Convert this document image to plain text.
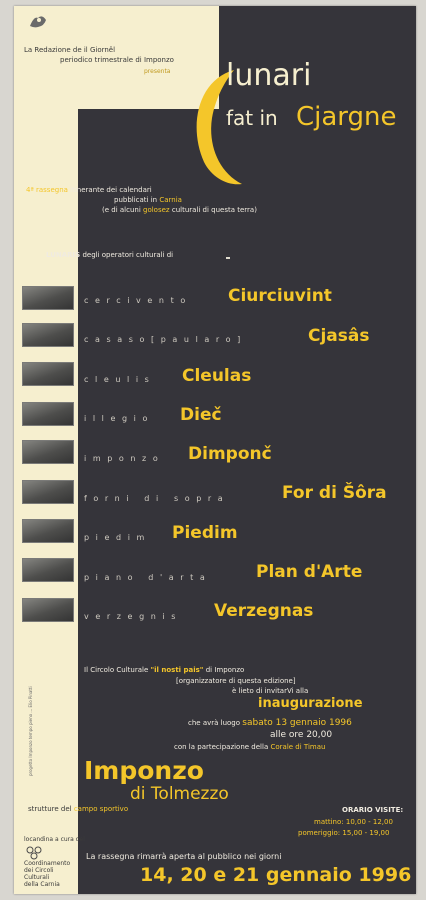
La Redazione de il Giornêl
periodico trimestrale di Imponzo
presenta
il
lunari
fat in Cjargne
4ª rassegna itinerante dei calendari
pubblicati in Carnia
(e di alcuni golosez culturali di questa terra)
LUNARIS degli operatori culturali di
cercivento Ciurciuvint
casaso[paularo]	Cjasâs
cleulis Cleulas
illegio Dieč
imponzo Dimponč
forni di sopra	For di Šôra
piedim Piedim
piano d'arta	Plan d'Arte
verzegnis Verzegnas
progetto Imponzo tempo pieno ... Elio Pinatti
Il Circolo Culturale "il nosti pais" di Imponzo
[organizzatore di questa edizione]
è lieto di invitarVi alla
inaugurazione
che avrà luogo sabato 13 gennaio 1996
alle ore 20,00
con la partecipazione della Corale di Timau
Imponzo
di Tolmezzo
strutture del campo sportivo	ORARIO VISITE:
mattino: 10,00 - 12,00
pomeriggio: 15,00 - 19,00
locandina a cura del
Coordinamento
dei Circoli
Culturali
della Carnia
La rassegna rimarrà aperta al pubblico nei giorni
14, 20 e 21 gennaio 1996
